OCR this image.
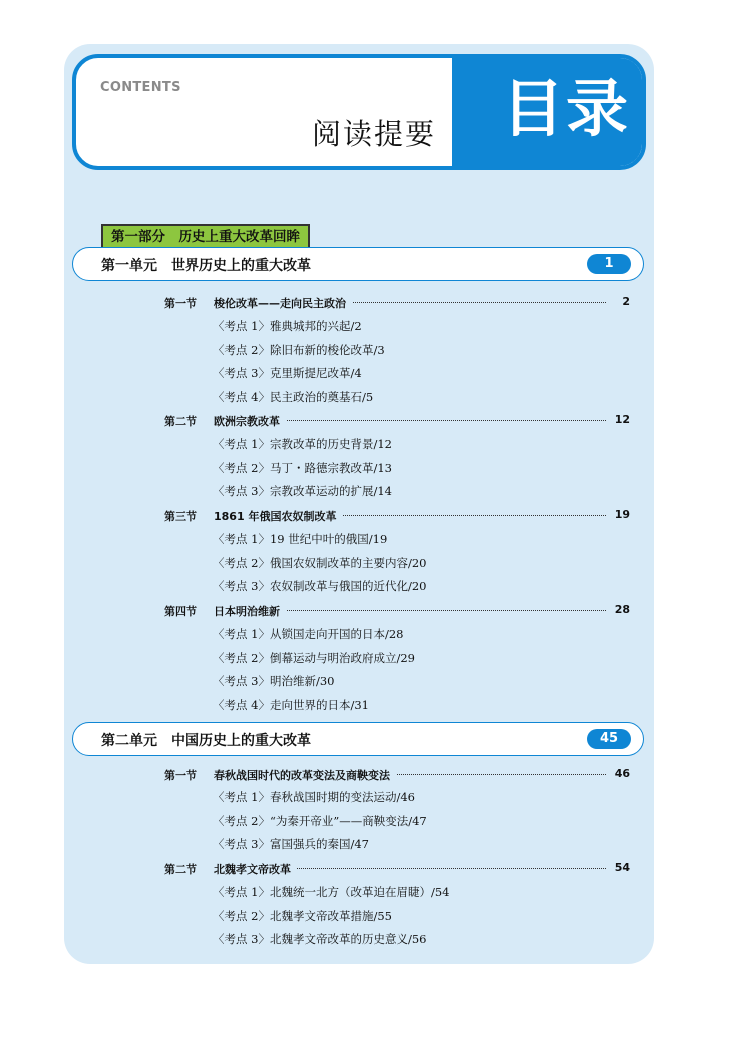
CONTENTS
阅读提要 目录
第一部分　历史上重大改革回眸
第一单元　世界历史上的重大改革	1
第一节 梭伦改革——走向民主政治	2
〈考点 1〉雅典城邦的兴起/2
〈考点 2〉除旧布新的梭伦改革/3
〈考点 3〉克里斯提尼改革/4
〈考点 4〉民主政治的奠基石/5
第二节 欧洲宗教改革	12
〈考点 1〉宗教改革的历史背景/12
〈考点 2〉马丁・路德宗教改革/13
〈考点 3〉宗教改革运动的扩展/14
第三节 1861 年俄国农奴制改革	19
〈考点 1〉19 世纪中叶的俄国/19
〈考点 2〉俄国农奴制改革的主要内容/20
〈考点 3〉农奴制改革与俄国的近代化/20
第四节 日本明治维新	28
〈考点 1〉从锁国走向开国的日本/28
〈考点 2〉倒幕运动与明治政府成立/29
〈考点 3〉明治维新/30
〈考点 4〉走向世界的日本/31
第二单元　中国历史上的重大改革	45
第一节 春秋战国时代的改革变法及商鞅变法	46
〈考点 1〉春秋战国时期的变法运动/46
〈考点 2〉“为秦开帝业”——商鞅变法/47
〈考点 3〉富国强兵的秦国/47
第二节 北魏孝文帝改革	54
〈考点 1〉北魏统一北方（改革迫在眉睫）/54
〈考点 2〉北魏孝文帝改革措施/55
〈考点 3〉北魏孝文帝改革的历史意义/56
